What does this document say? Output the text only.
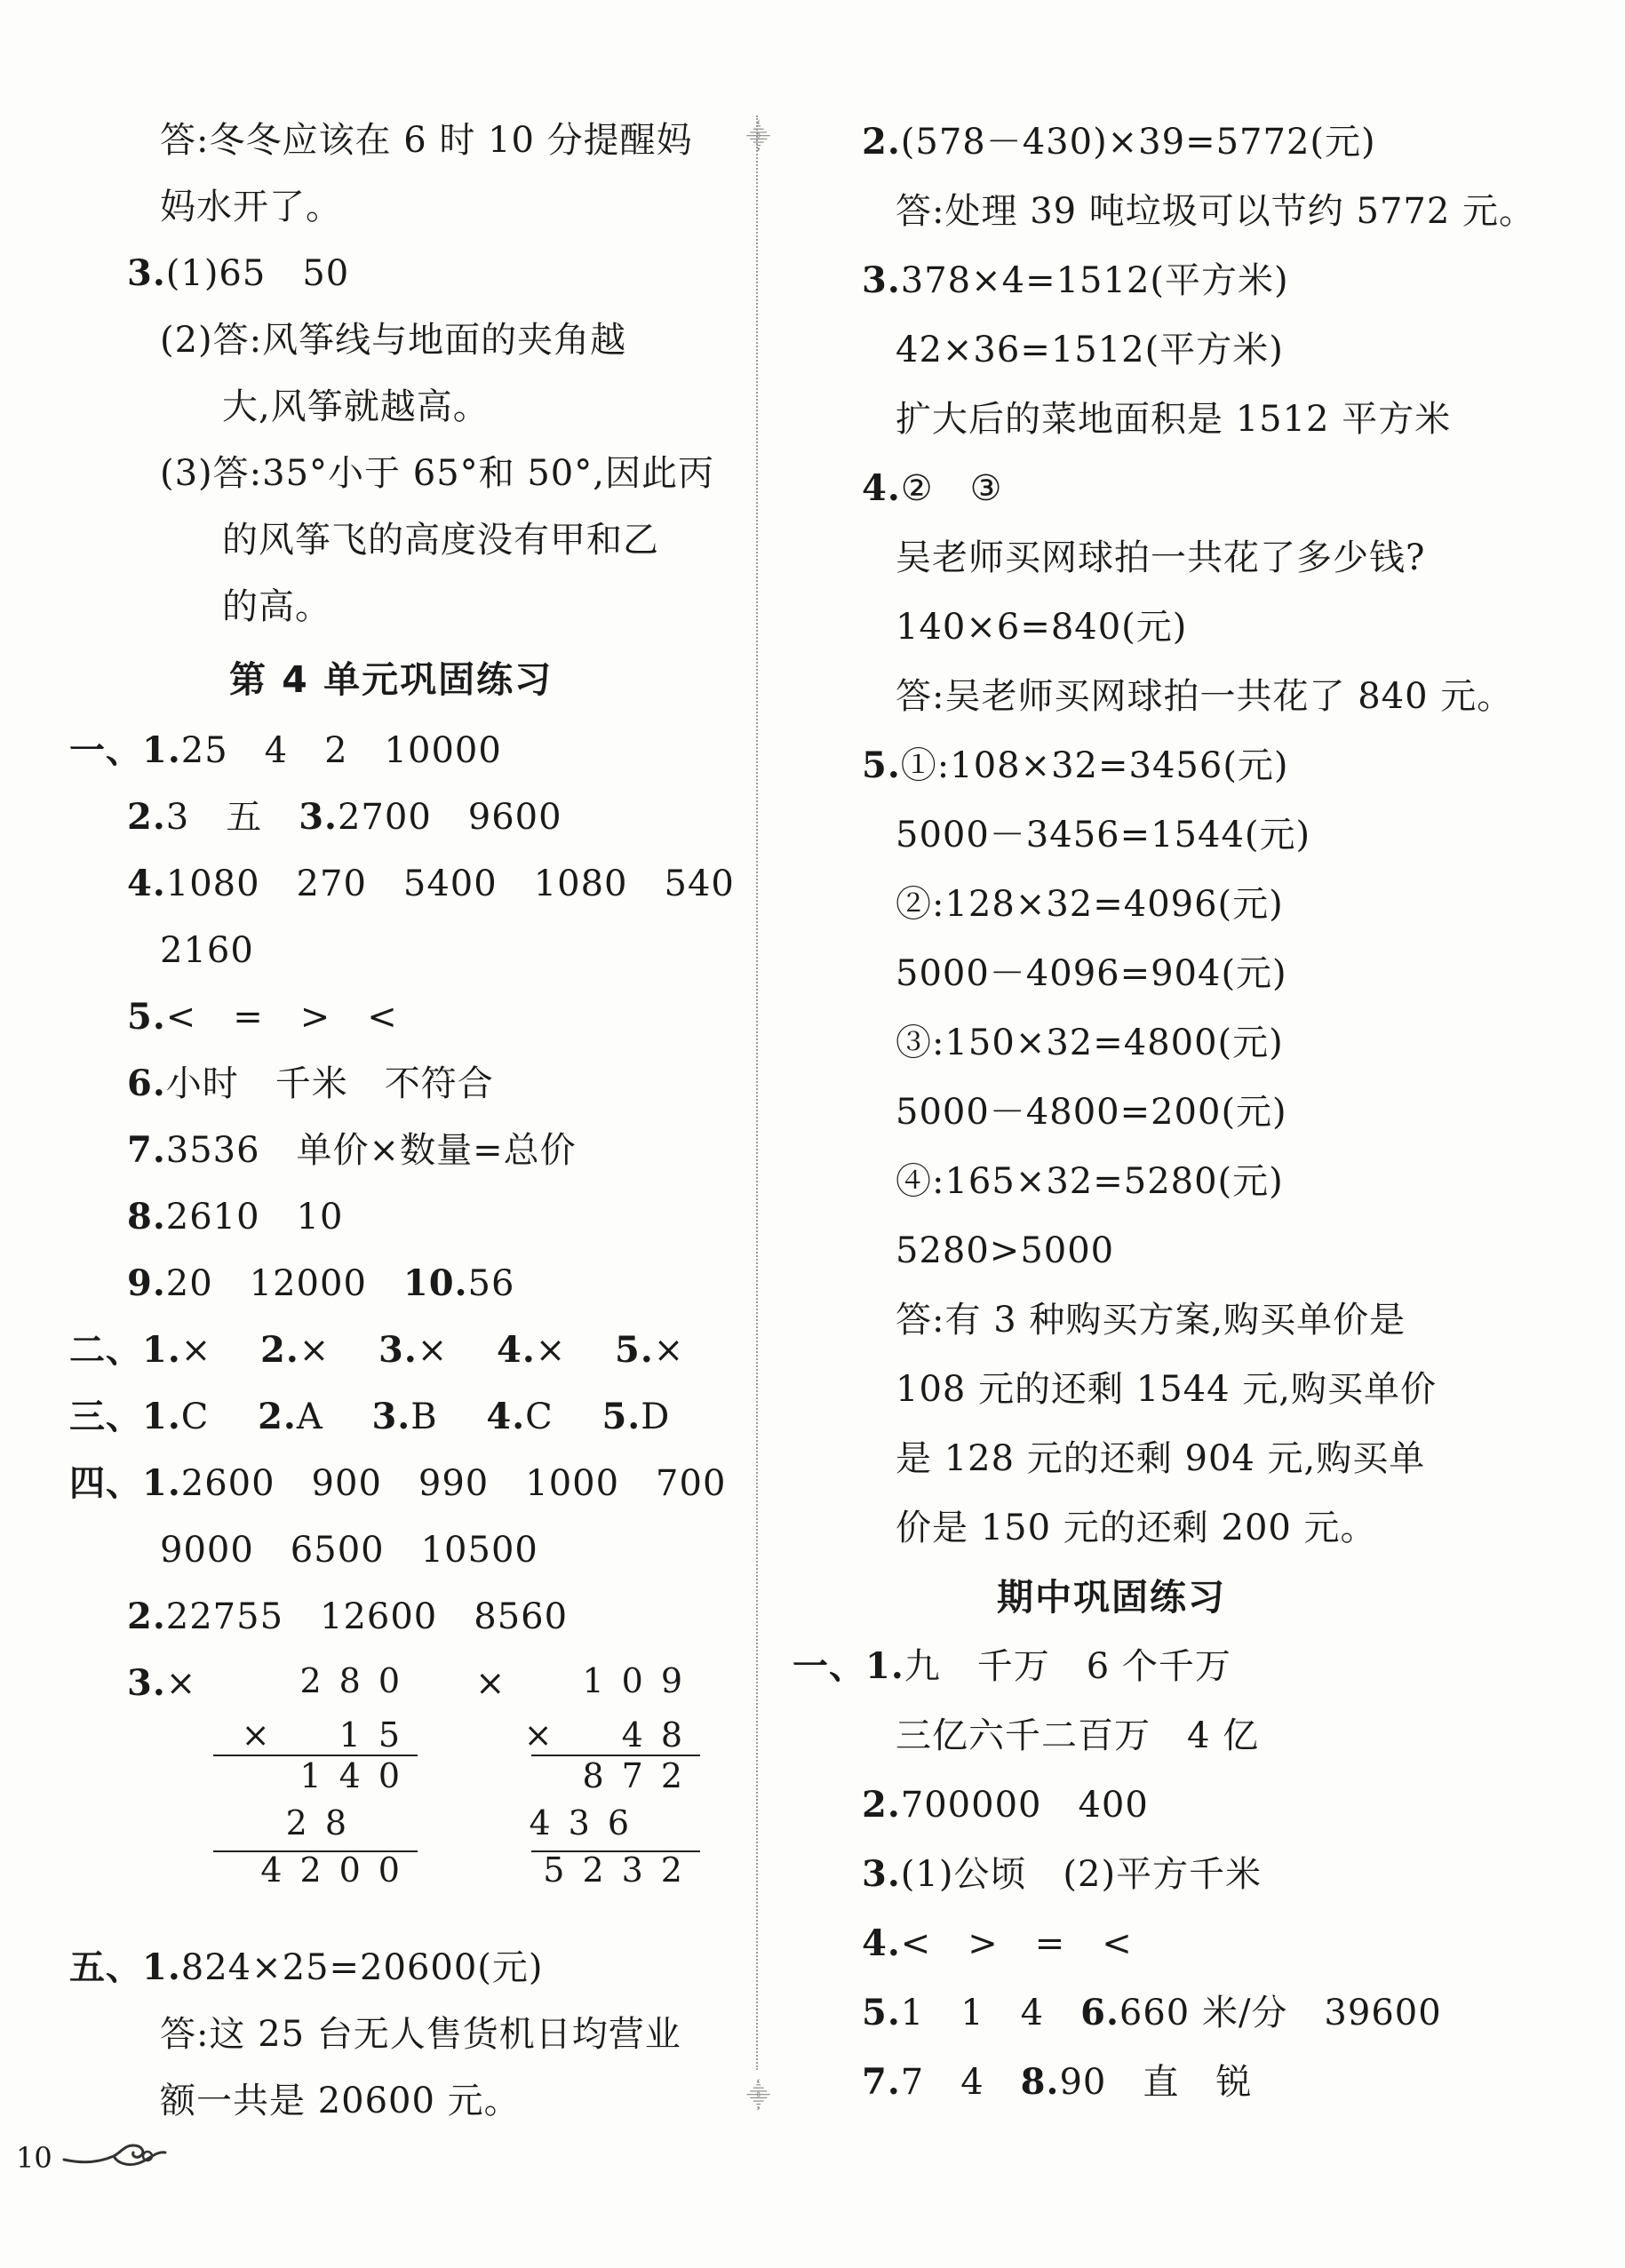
答:冬冬应该在 6 时 10 分提醒妈
妈水开了。
3.(1)65　50
(2)答:风筝线与地面的夹角越
大,风筝就越高。
(3)答:35°小于 65°和 50°,因此丙
的风筝飞的高度没有甲和乙
的高。
第 4 单元巩固练习
一、1.25　4　2　10000
2.3　五　 3.2700　9600
4.1080　270　5400　1080　540
2160
5.<　=　>　<
6.小时　千米　不符合
7.3536　单价×数量=总价
8.2610　10
9.20　12000　 10.56
二、1.×　 2.×　 3.×　 4.×　 5.×
三、1.C　 2.A　 3.B　 4.C　 5.D
四、1.2600　900　990　1000　700
9000　6500　10500
2.22755　12600　8560
3.×	×
280
×　15
140
28
4200
109
×　48
872
436
5232
五、1.824×25=20600(元)
答:这 25 台无人售货机日均营业
额一共是 20600 元。
10
⸎
⸎
2.(578－430)×39=5772(元)
答:处理 39 吨垃圾可以节约 5772 元。
3.378×4=1512(平方米)
42×36=1512(平方米)
扩大后的菜地面积是 1512 平方米
4.②　③
吴老师买网球拍一共花了多少钱?
140×6=840(元)
答:吴老师买网球拍一共花了 840 元。
5.①:108×32=3456(元)
5000－3456=1544(元)
②:128×32=4096(元)
5000－4096=904(元)
③:150×32=4800(元)
5000－4800=200(元)
④:165×32=5280(元)
5280>5000
答:有 3 种购买方案,购买单价是
108 元的还剩 1544 元,购买单价
是 128 元的还剩 904 元,购买单
价是 150 元的还剩 200 元。
期中巩固练习
一、1.九　千万　6 个千万
三亿六千二百万　4 亿
2.700000　400
3.(1)公顷　(2)平方千米
4.<　>　=　<
5.1　1　4　 6.660 米/分　39600
7.7　4　 8.90　直　锐
